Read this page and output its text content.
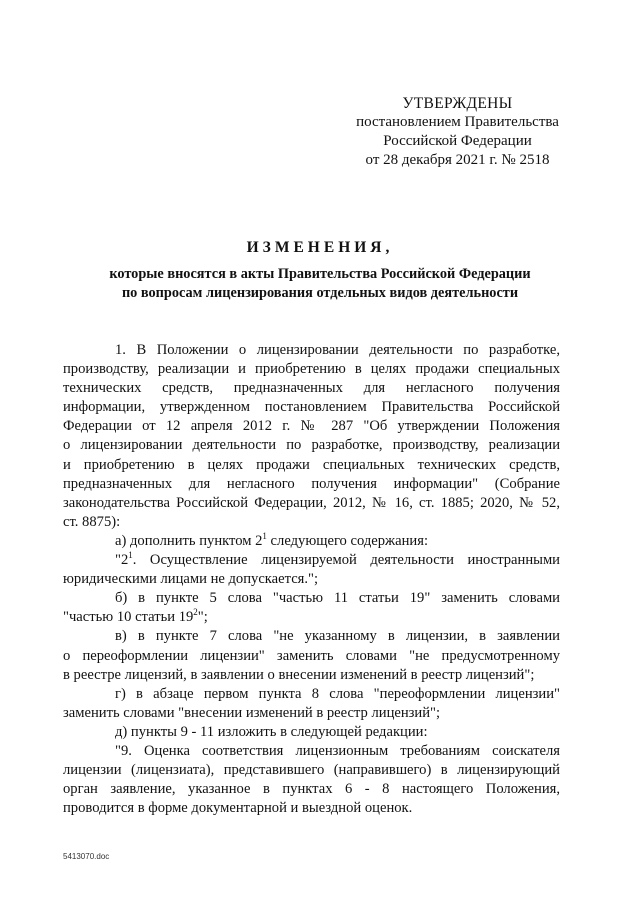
УТВЕРЖДЕНЫ
постановлением Правительства
Российской Федерации
от 28 декабря 2021 г. № 2518
ИЗМЕНЕНИЯ,
которые вносятся в акты Правительства Российской Федерации
по вопросам лицензирования отдельных видов деятельности
1. В Положении о лицензировании деятельности по разработке,
производству, реализации и приобретению в целях продажи специальных
технических средств, предназначенных для негласного получения
информации, утвержденном постановлением Правительства Российской
Федерации от 12 апреля 2012 г. № 287 "Об утверждении Положения
о лицензировании деятельности по разработке, производству, реализации
и приобретению в целях продажи специальных технических средств,
предназначенных для негласного получения информации" (Собрание
законодательства Российской Федерации, 2012, № 16, ст. 1885; 2020, № 52,
ст. 8875):
а) дополнить пунктом $2^1$ следующего содержания:
"$2^1$. Осуществление лицензируемой деятельности иностранными
юридическими лицами не допускается.";
б) в пункте 5 слова "частью 11 статьи 19" заменить словами
"частью 10 статьи $19^2$";
в) в пункте 7 слова "не указанному в лицензии, в заявлении
о переоформлении лицензии" заменить словами "не предусмотренному
в реестре лицензий, в заявлении о внесении изменений в реестр лицензий";
г) в абзаце первом пункта 8 слова "переоформлении лицензии"
заменить словами "внесении изменений в реестр лицензий";
д) пункты 9 - 11 изложить в следующей редакции:
"9. Оценка соответствия лицензионным требованиям соискателя
лицензии (лицензиата), представившего (направившего) в лицензирующий
орган заявление, указанное в пунктах 6 - 8 настоящего Положения,
проводится в форме документарной и выездной оценок.
5413070.doc
